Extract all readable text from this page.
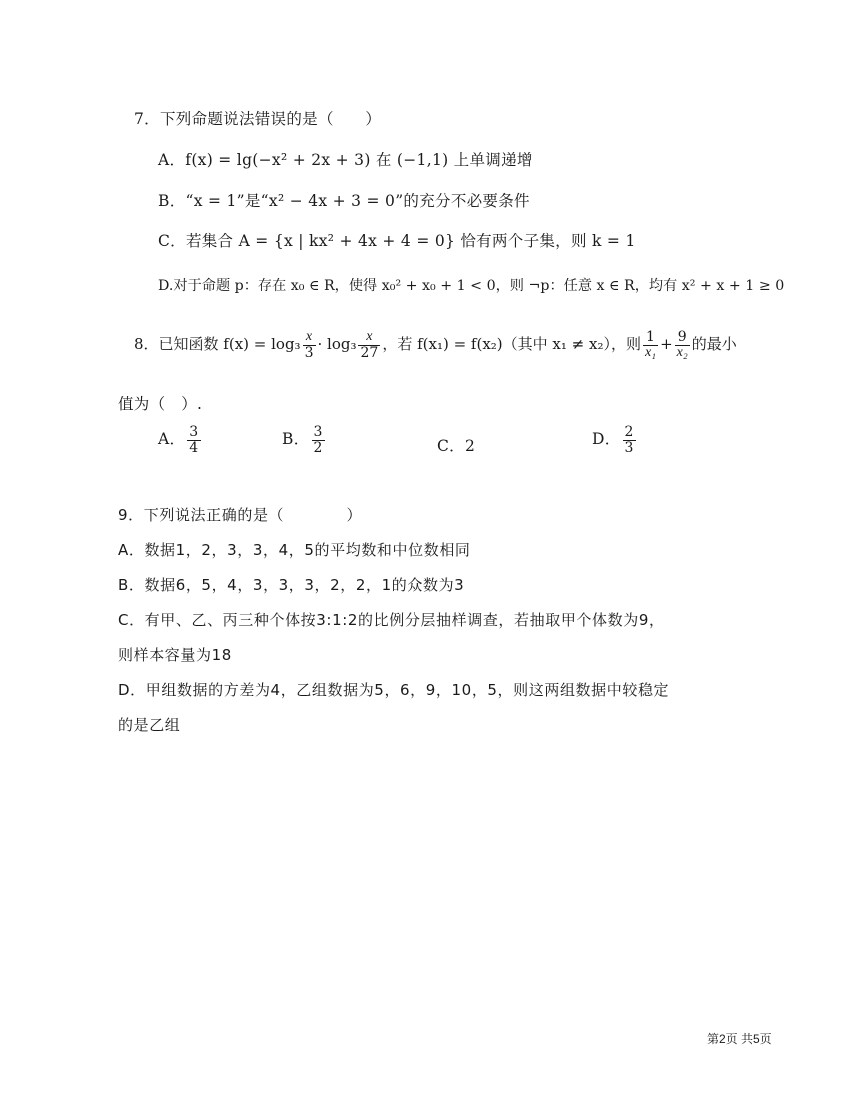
7．下列命题说法错误的是（　　）
A．f(x) = lg(−x² + 2x + 3) 在 (−1,1) 上单调递增
B．“x = 1”是“x² − 4x + 3 = 0”的充分不必要条件
C．若集合 A = {x | kx² + 4x + 4 = 0} 恰有两个子集，则 k = 1
D.对于命题 p：存在 x₀ ∈ R，使得 x₀² + x₀ + 1 < 0，则 ¬p：任意 x ∈ R，均有 x² + x + 1 ≥ 0
8．已知函数 $f(x) = \log_3 \frac{x}{3} \cdot \log_3 \frac{x}{27}$ ，若 f(x₁) = f(x₂)（其中 x₁ ≠ x₂），则 $\frac{1}{\text{x₁}} + \frac{9}{\text{x₂}}$ 的最小
值为（　）.
A． $\frac{3}{4}$	B． $\frac{3}{2}$	C．2	D． $\frac{2}{3}$
9．下列说法正确的是（　　　　）
A．数据1，2，3，3，4，5的平均数和中位数相同
B．数据6，5，4，3，3，3，2，2，1的众数为3
C．有甲、乙、丙三种个体按3:1:2的比例分层抽样调查，若抽取甲个体数为9，
则样本容量为18
D．甲组数据的方差为4，乙组数据为5，6，9，10，5，则这两组数据中较稳定
的是乙组
第2页 共5页
